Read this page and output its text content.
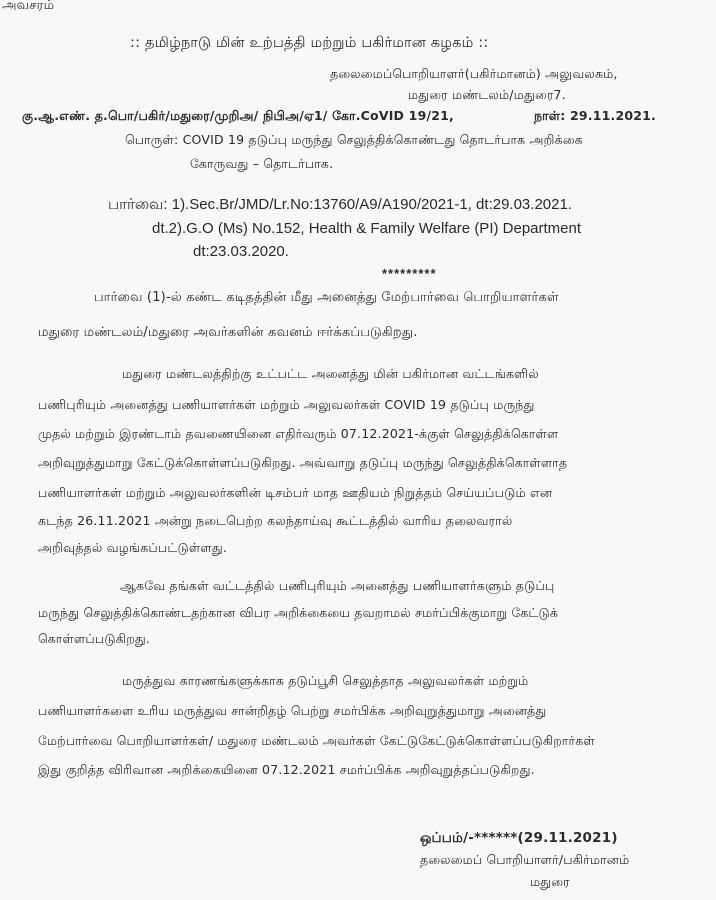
அவசரம்
:: தமிழ்நாடு மின் உற்பத்தி மற்றும் பகிர்மான கழகம் ::
தலைமைப்பொறியாளர்(பகிர்மானம்) அலுவலகம்,
மதுரை மண்டலம்/மதுரை7.
கு.ஆ.எண். த.பொ/பகிர்/மதுரை/முறிஅ/ நிபிஅ/ஏ1/ கோ.CoVID 19/21,	நாள்: 29.11.2021.
பொருள்: COVID 19 தடுப்பு மருந்து செலுத்திக்கொண்டது தொடர்பாக அறிக்கை
கோருவது – தொடர்பாக.
பார்வை: 1).Sec.Br/JMD/Lr.No:13760/A9/A190/2021-1, dt:29.03.2021.
dt.2).G.O (Ms) No.152, Health & Family Welfare (PI) Department
dt:23.03.2020.
*********
பார்வை (1)-ல் கண்ட கடிதத்தின் மீது அனைத்து மேற்பார்வை பொறியாளர்கள்
மதுரை மண்டலம்/மதுரை அவர்களின் கவனம் ஈர்க்கப்படுகிறது.
மதுரை மண்டலத்திற்கு உட்பட்ட அனைத்து மின் பகிர்மான வட்டங்களில்
பணிபுரியும் அனைத்து பணியாளர்கள் மற்றும் அலுவலர்கள் COVID 19 தடுப்பு மருந்து
முதல் மற்றும் இரண்டாம் தவணையினை எதிர்வரும் 07.12.2021-க்குள் செலுத்திக்கொள்ள
அறிவுறுத்துமாறு கேட்டுக்கொள்ளப்படுகிறது. அவ்வாறு தடுப்பு மருந்து செலுத்திக்கொள்ளாத
பணியாளர்கள் மற்றும் அலுவலர்களின் டிசம்பர் மாத ஊதியம் நிறுத்தம் செய்யப்படும் என
கடந்த 26.11.2021 அன்று நடைபெற்ற கலந்தாய்வு கூட்டத்தில் வாரிய தலைவரால்
அறிவுத்தல் வழங்கப்பட்டுள்ளது.
ஆகவே தங்கள் வட்டத்தில் பணிபுரியும் அனைத்து பணியாளர்களும் தடுப்பு
மருந்து செலுத்திக்கொண்டதற்கான விபர அறிக்கையை தவறாமல் சமர்ப்பிக்குமாறு கேட்டுக்
கொள்ளப்படுகிறது.
மருத்துவ காரணங்களுக்காக தடுப்பூசி செலுத்தாத அலுவலர்கள் மற்றும்
பணியாளர்களை உரிய மருத்துவ சான்றிதழ் பெற்று சமர்பிக்க அறிவுறுத்துமாறு அனைத்து
மேற்பார்வை பொறியாளர்கள்/ மதுரை மண்டலம் அவர்கள் கேட்டுகேட்டுக்கொள்ளப்படுகிறார்கள்
இது குறித்த விரிவான அறிக்கையினை 07.12.2021 சமர்ப்பிக்க அறிவுறுத்தப்படுகிறது.
ஒப்பம்/-******(29.11.2021)
தலைமைப் பொறியாளர்/பகிர்மானம்
மதுரை
